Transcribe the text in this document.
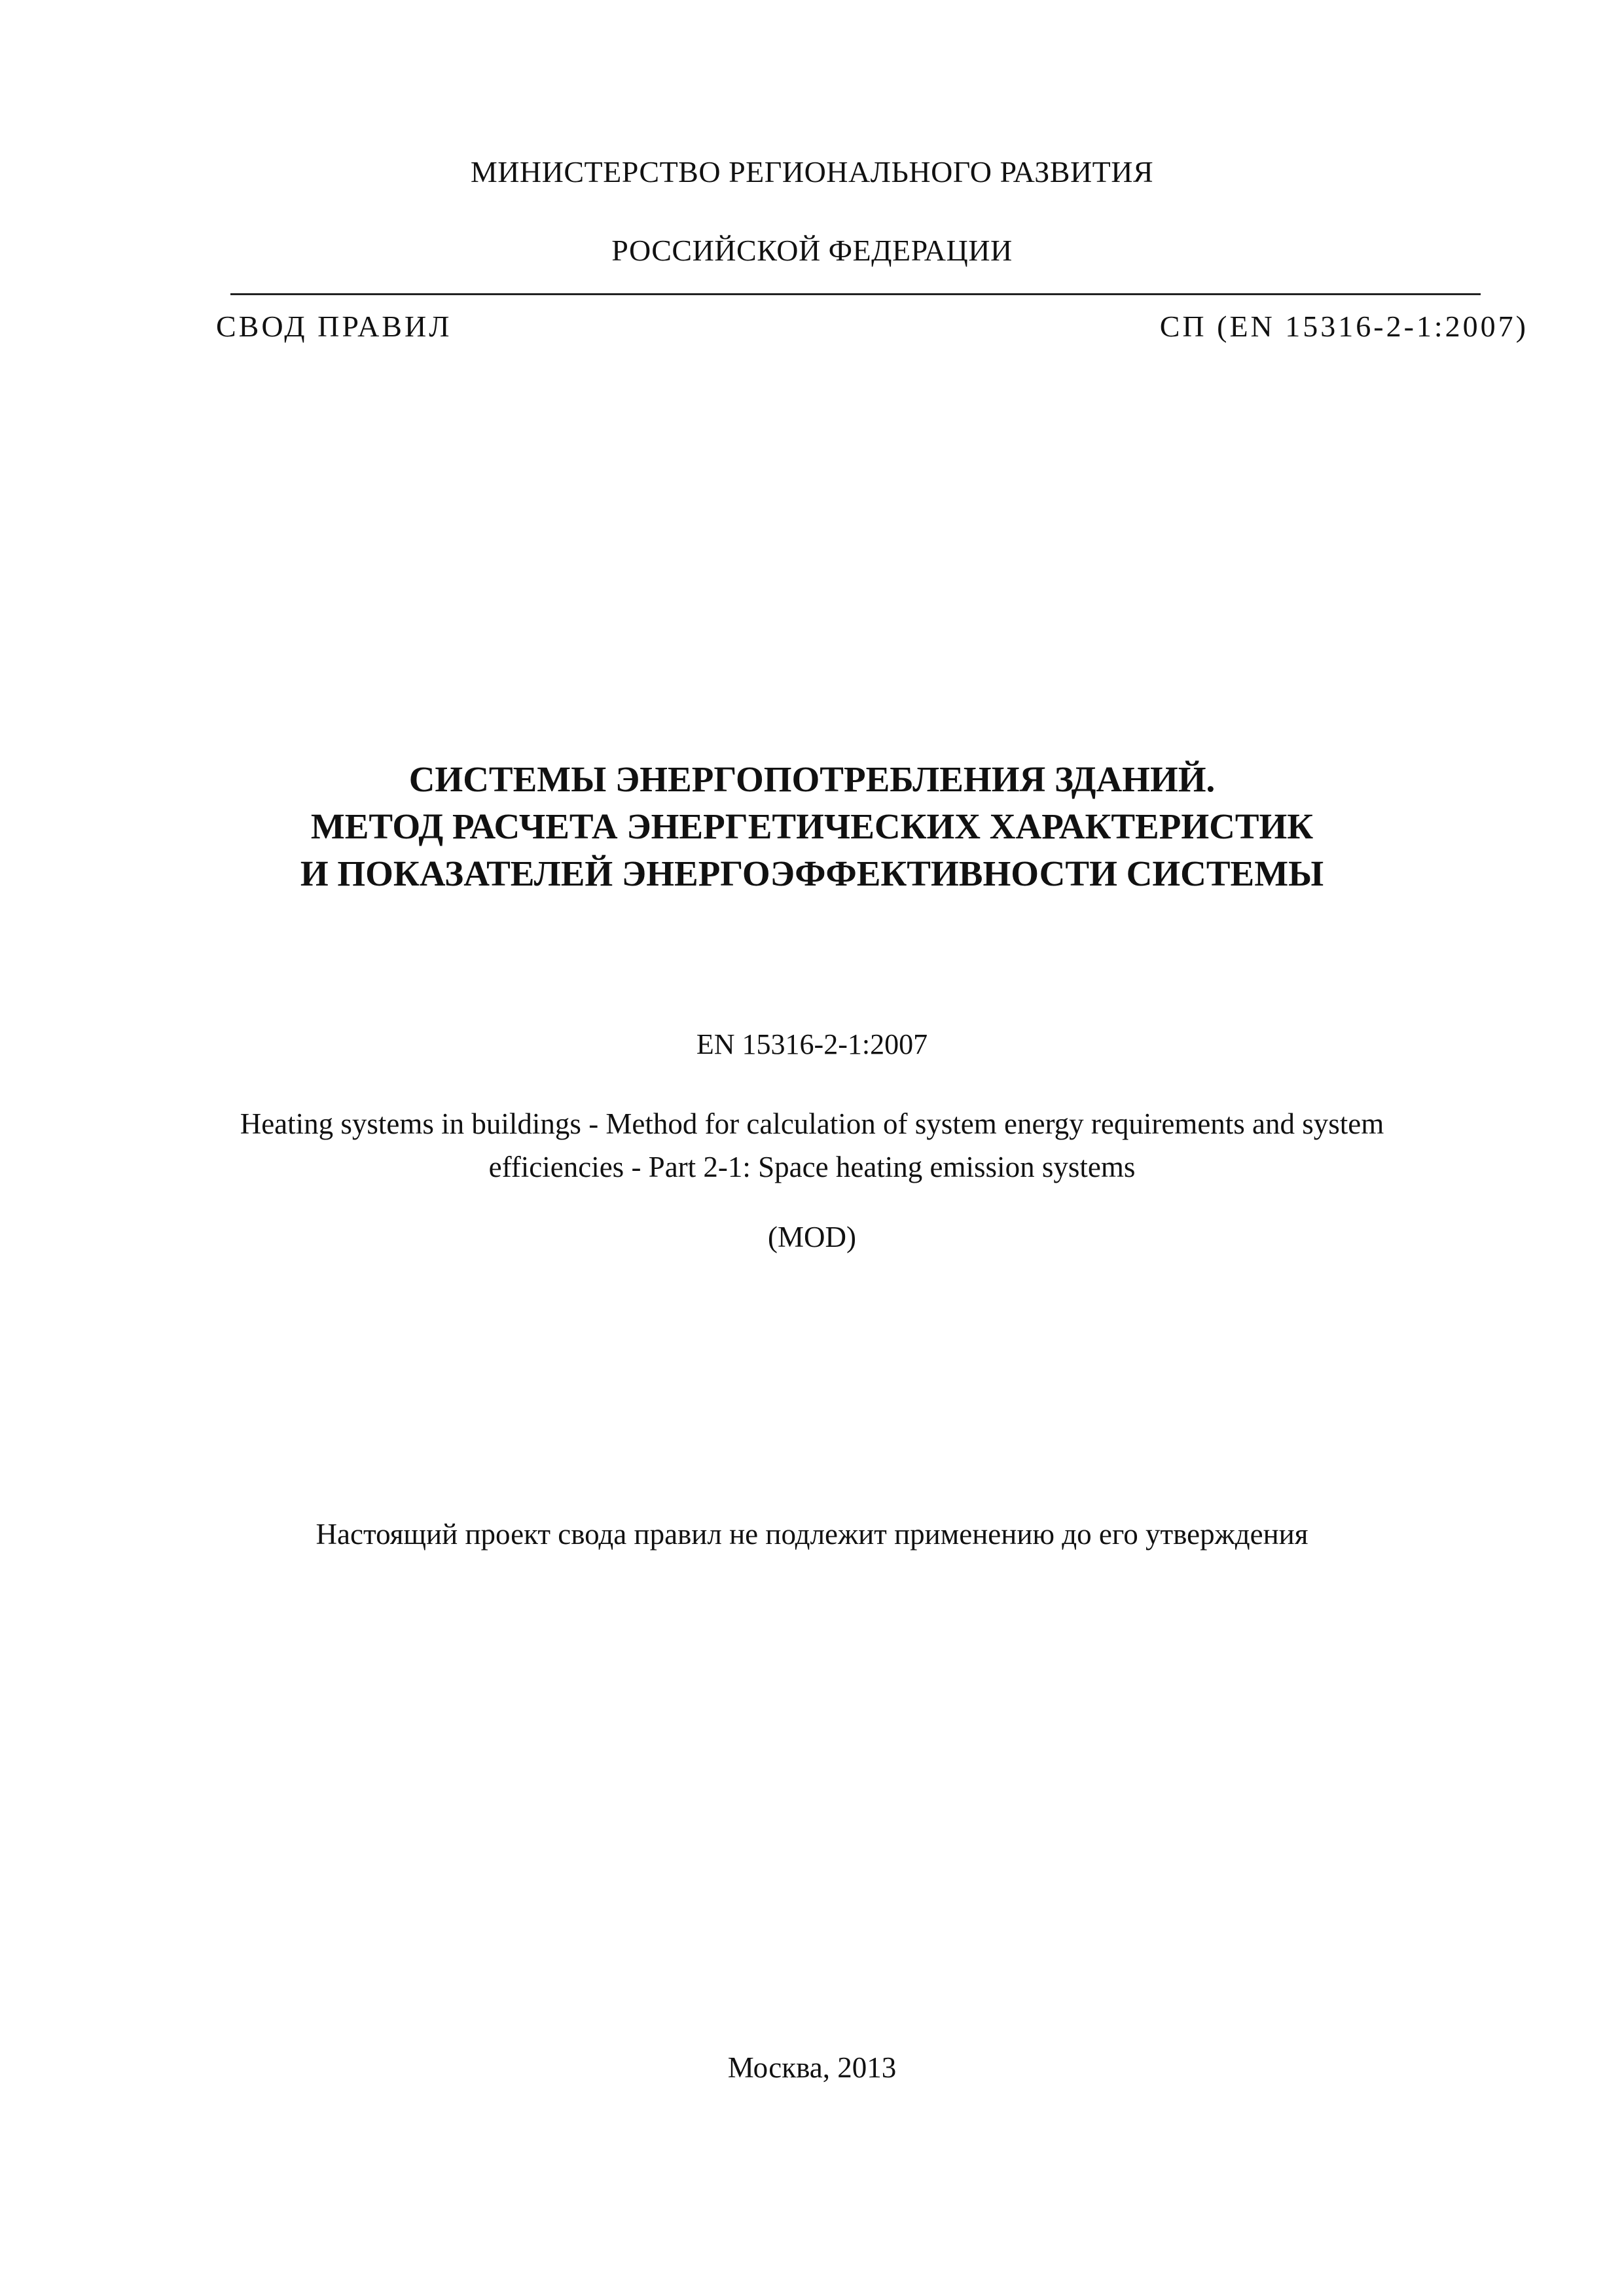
МИНИСТЕРСТВО РЕГИОНАЛЬНОГО РАЗВИТИЯ
РОССИЙСКОЙ ФЕДЕРАЦИИ
СВОД ПРАВИЛ	СП (EN 15316-2-1:2007)
СИСТЕМЫ ЭНЕРГОПОТРЕБЛЕНИЯ ЗДАНИЙ.
МЕТОД РАСЧЕТА ЭНЕРГЕТИЧЕСКИХ ХАРАКТЕРИСТИК
И ПОКАЗАТЕЛЕЙ ЭНЕРГОЭФФЕКТИВНОСТИ СИСТЕМЫ
EN 15316-2-1:2007
Heating systems in buildings - Method for calculation of system energy requirements and system
efficiencies - Part 2-1: Space heating emission systems
(MOD)
Настоящий проект свода правил не подлежит применению до его утверждения
Москва, 2013
